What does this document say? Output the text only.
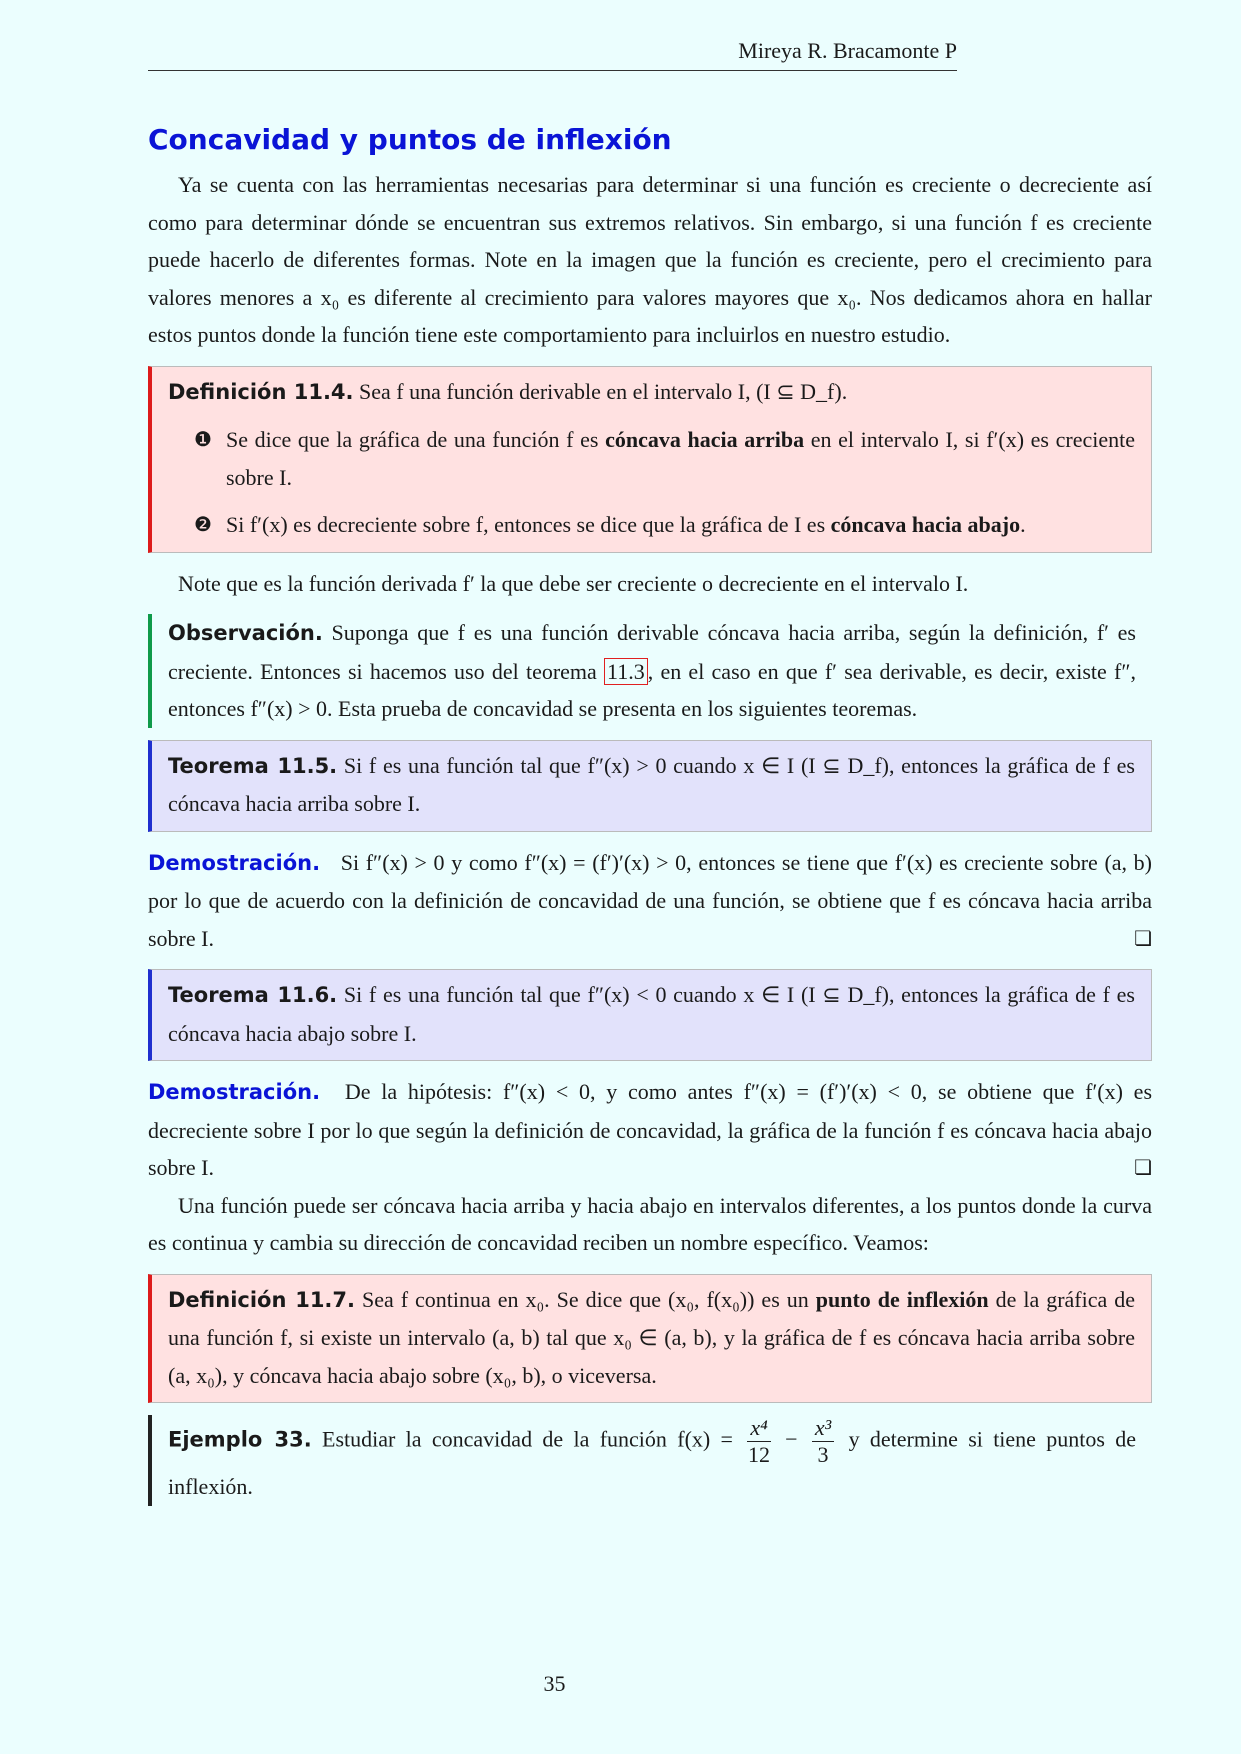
Mireya R. Bracamonte P
Concavidad y puntos de inflexión

Ya se cuenta con las herramientas necesarias para determinar si una función es creciente o decreciente así como para determinar dónde se encuentran sus extremos relativos. Sin embargo, si una función f es creciente puede hacerlo de diferentes formas. Note en la imagen que la función es creciente, pero el crecimiento para valores menores a x₀ es diferente al crecimiento para valores mayores que x₀. Nos dedicamos ahora en hallar estos puntos donde la función tiene este comportamiento para incluirlos en nuestro estudio.

Definición 11.4. Sea f una función derivable en el intervalo I, (I ⊆ D_f).

❶ Se dice que la gráfica de una función f es cóncava hacia arriba en el intervalo I, si f′(x) es creciente sobre I.
❷ Si f′(x) es decreciente sobre f, entonces se dice que la gráfica de I es cóncava hacia abajo.

Note que es la función derivada f′ la que debe ser creciente o decreciente en el intervalo I.

Observación. Suponga que f es una función derivable cóncava hacia arriba, según la definición, f′ es creciente. Entonces si hacemos uso del teorema 11.3 , en el caso en que f′ sea derivable, es decir, existe f″, entonces f″(x) > 0. Esta prueba de concavidad se presenta en los siguientes teoremas.

Teorema 11.5. Si f es una función tal que f″(x) > 0 cuando x ∈ I (I ⊆ D_f), entonces la gráfica de f es cóncava hacia arriba sobre I.

Demostración. Si f″(x) > 0 y como f″(x) = (f′)′(x) > 0, entonces se tiene que f′(x) es creciente sobre (a, b) por lo que de acuerdo con la definición de concavidad de una función, se obtiene que f es cóncava hacia arriba sobre I.	❏

Teorema 11.6. Si f es una función tal que f″(x) < 0 cuando x ∈ I (I ⊆ D_f), entonces la gráfica de f es cóncava hacia abajo sobre I.

Demostración. De la hipótesis: f″(x) < 0, y como antes f″(x) = (f′)′(x) < 0, se obtiene que f′(x) es decreciente sobre I por lo que según la definición de concavidad, la gráfica de la función f es cóncava hacia abajo sobre I.	❏

Una función puede ser cóncava hacia arriba y hacia abajo en intervalos diferentes, a los puntos donde la curva es continua y cambia su dirección de concavidad reciben un nombre específico. Veamos:

Definición 11.7. Sea f continua en x₀. Se dice que (x₀, f(x₀)) es un punto de inflexión de la gráfica de una función f, si existe un intervalo (a, b) tal que x₀ ∈ (a, b), y la gráfica de f es cóncava hacia arriba sobre (a, x₀), y cóncava hacia abajo sobre (x₀, b), o viceversa.

Ejemplo 33. Estudiar la concavidad de la función $f(x) = \frac{\text{x⁴}}{12} - \frac{\text{x³}}{3}$ y determine si tiene puntos de inflexión.

35
